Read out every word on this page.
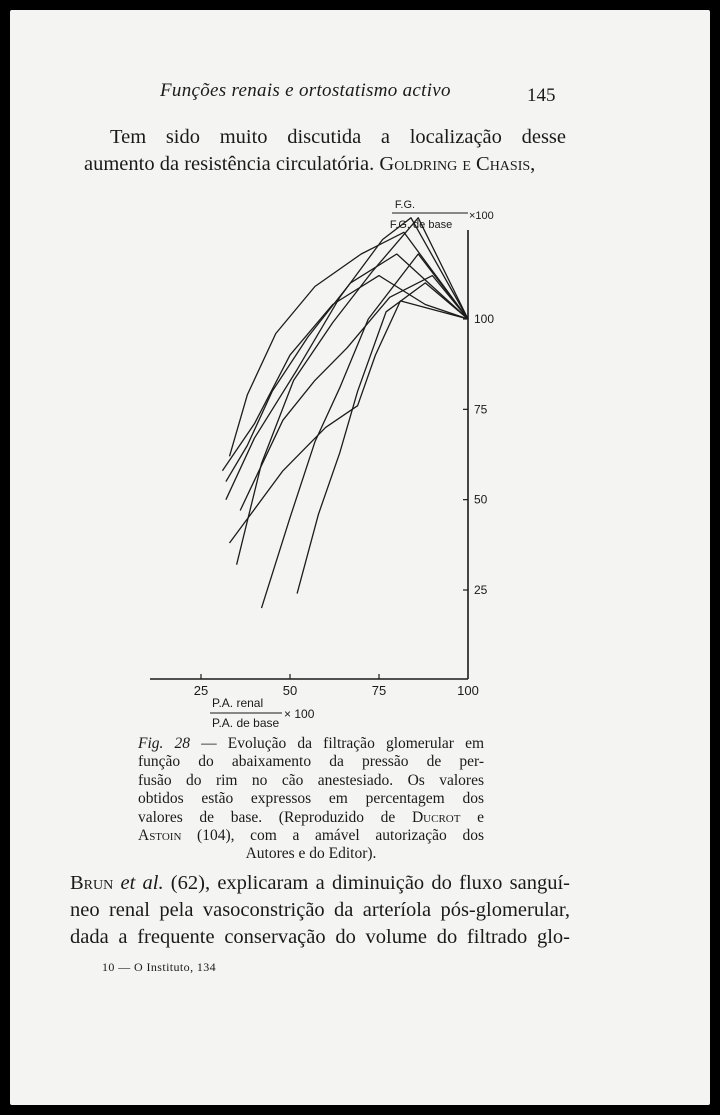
Funções renais e ortostatismo activo	145

Tem sido muito discutida a localização desse
aumento da resistência circulatória. Goldring e Chasis,

25	50	75	100
25
50
75
100
F.G.
F.G. de base
×100
P.A. renal
P.A. de base
× 100
Fig. 28 — Evolução da filtração glomerular em
função do abaixamento da pressão de per-
fusão do rim no cão anestesiado. Os valores
obtidos estão expressos em percentagem dos
valores de base. (Reproduzido de Ducrot e
Astoin (104), com a amável autorização dos
Autores e do Editor).

Brun et al. (62), explicaram a diminuição do fluxo sanguí-
neo renal pela vasoconstrição da arteríola pós-glomerular,
dada a frequente conservação do volume do filtrado glo-

10 — O Instituto, 134
